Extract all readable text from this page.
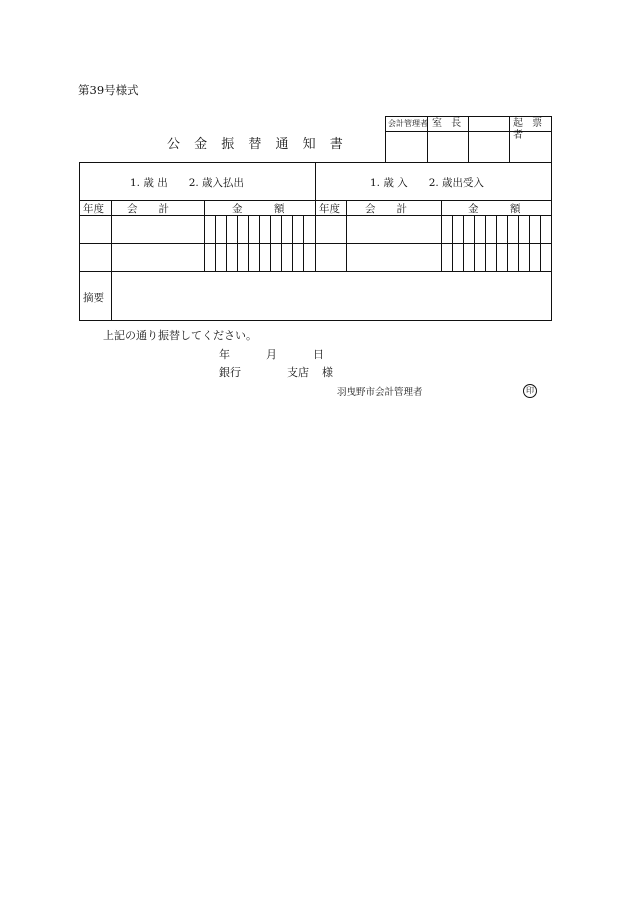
第39号様式
公 金 振 替 通 知 書
会計管理者 室 長	起 票 者
1. 歳 出　　2. 歳入払出	1. 歳 入　　2. 歳出受入
年度 会　　計	金　　　額	年度 会　　計	金　　　額
摘要
上記の通り振替してください。
年	月	日
銀行	支店 様
羽曳野市会計管理者	印
